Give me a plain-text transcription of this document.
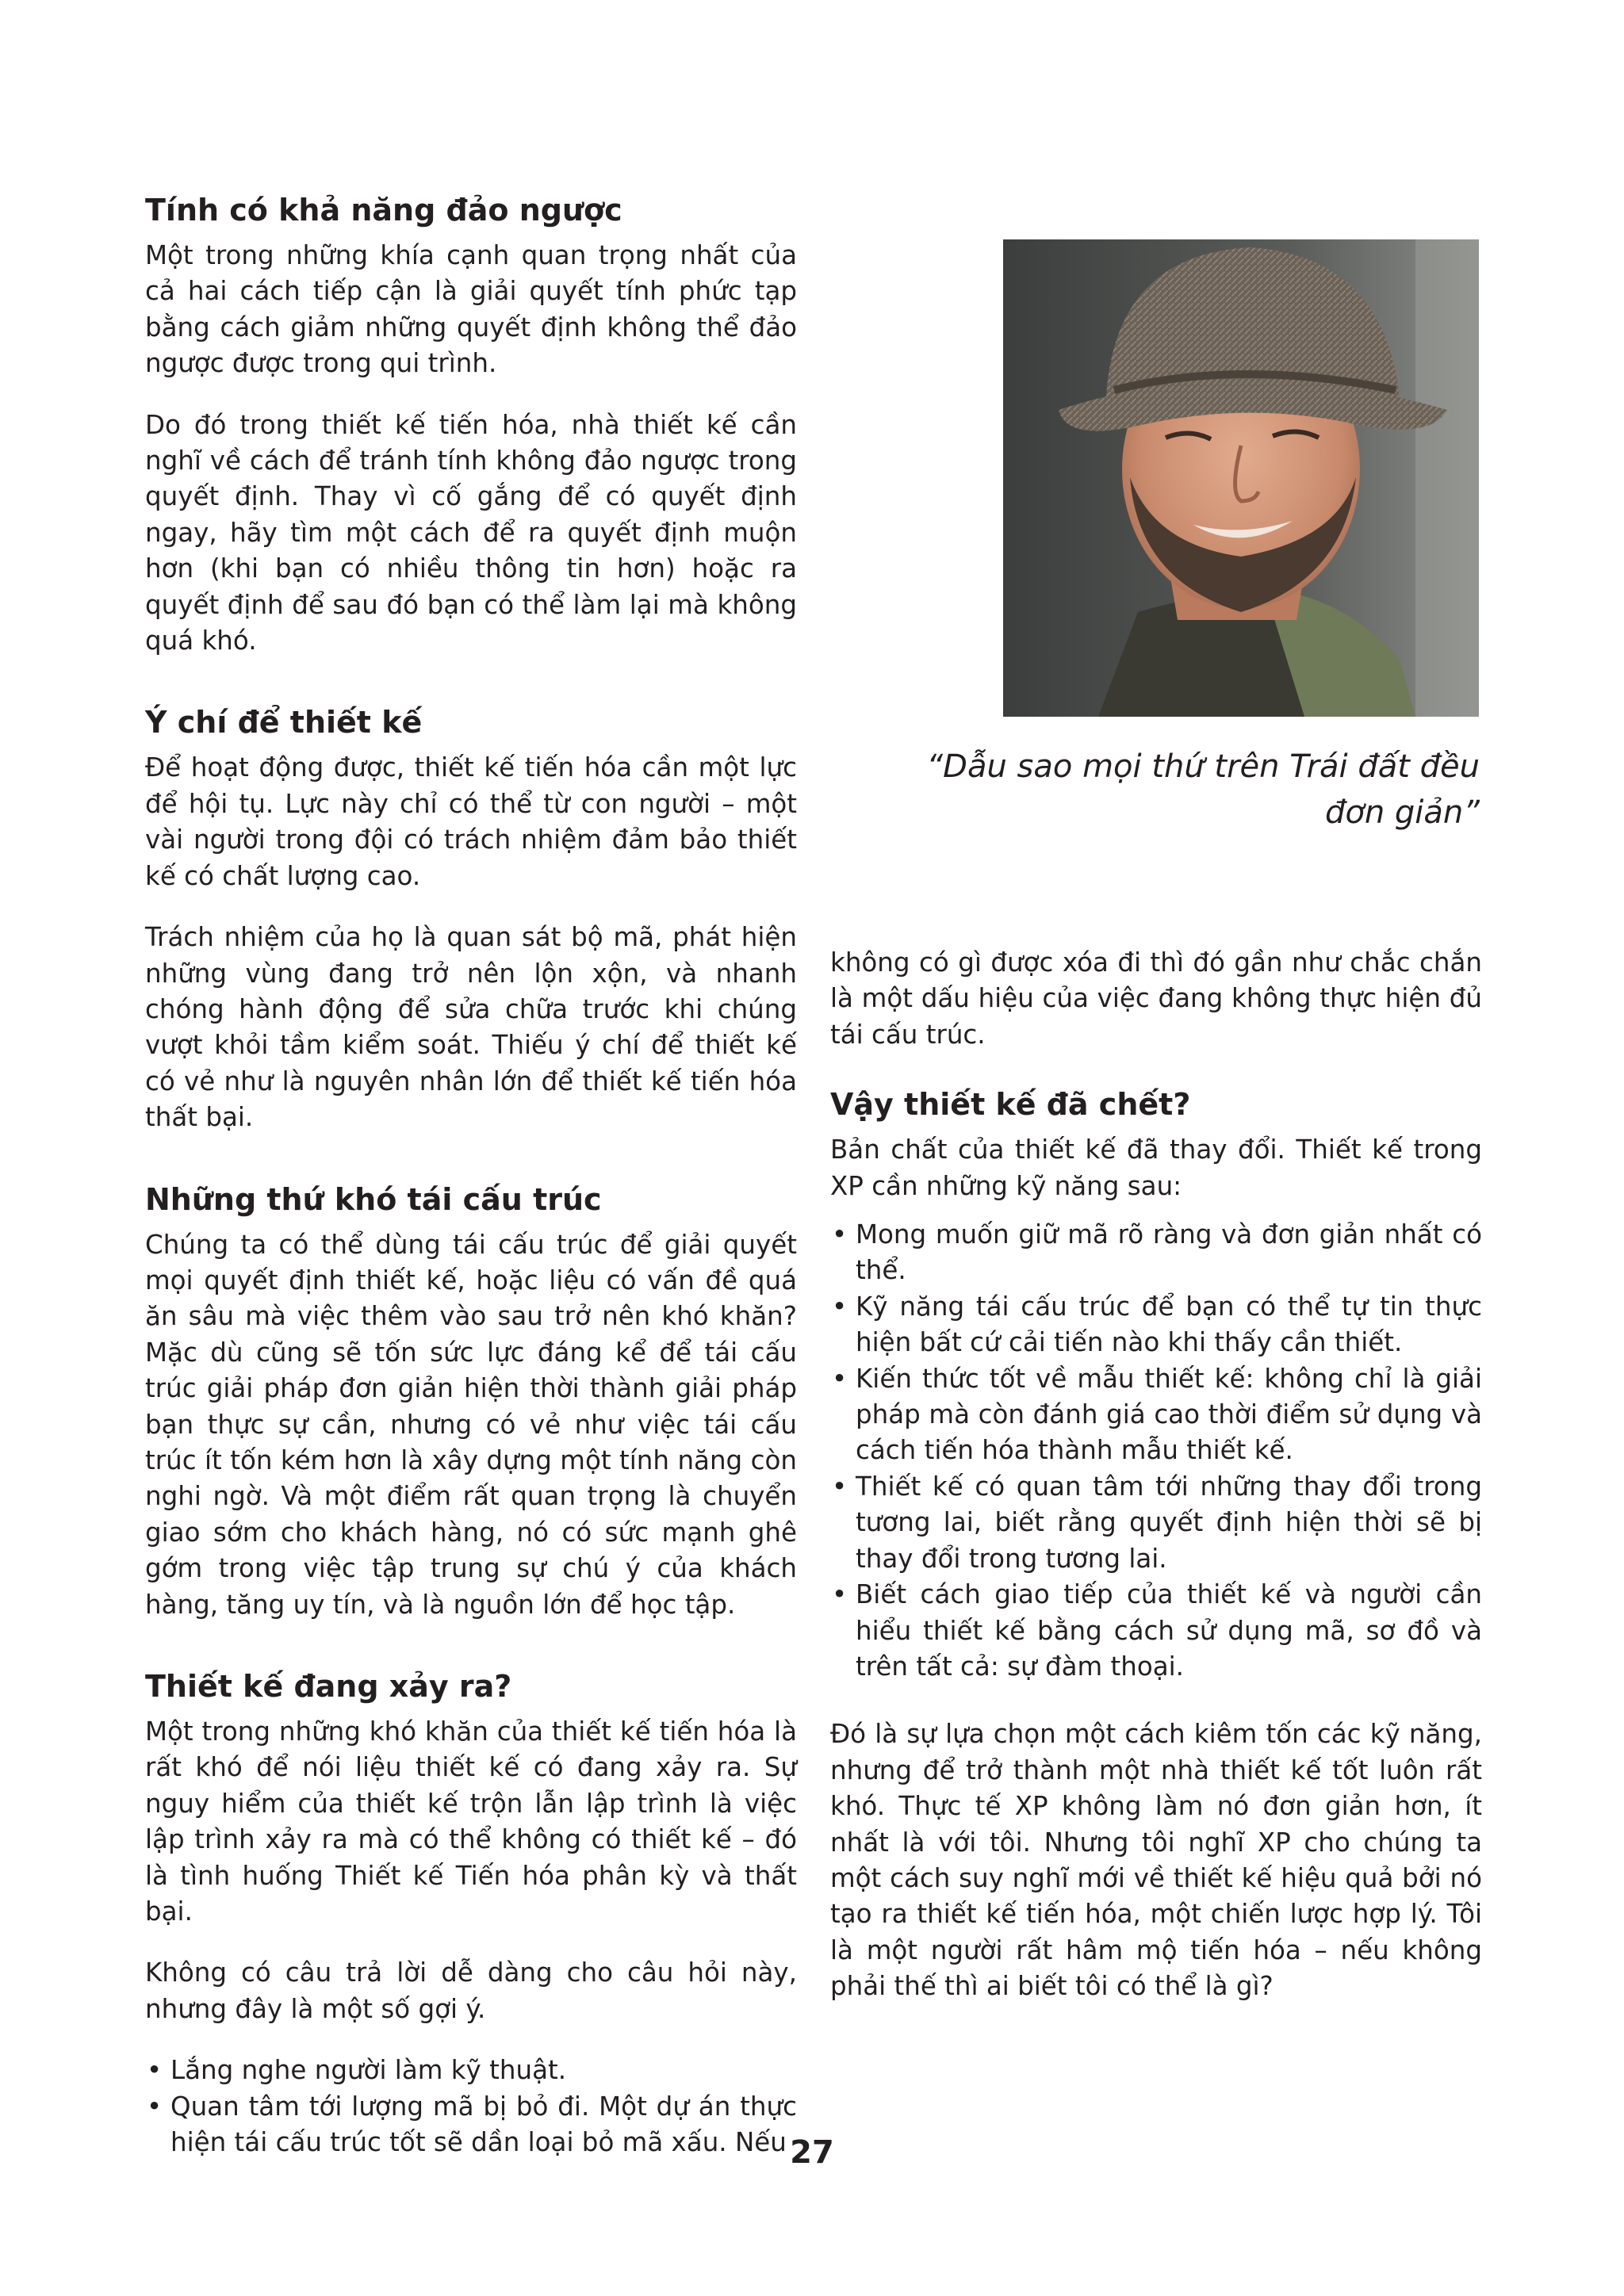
Tính có khả năng đảo ngược

Một trong những khía cạnh quan trọng nhất của cả hai cách tiếp cận là giải quyết tính phức tạp bằng cách giảm những quyết định không thể đảo ngược được trong qui trình.

Do đó trong thiết kế tiến hóa, nhà thiết kế cần nghĩ về cách để tránh tính không đảo ngược trong quyết định. Thay vì cố gắng để có quyết định ngay, hãy tìm một cách để ra quyết định muộn hơn (khi bạn có nhiều thông tin hơn) hoặc ra quyết định để sau đó bạn có thể làm lại mà không quá khó.

Ý chí để thiết kế

Để hoạt động được, thiết kế tiến hóa cần một lực để hội tụ. Lực này chỉ có thể từ con người – một vài người trong đội có trách nhiệm đảm bảo thiết kế có chất lượng cao.

Trách nhiệm của họ là quan sát bộ mã, phát hiện những vùng đang trở nên lộn xộn, và nhanh chóng hành động để sửa chữa trước khi chúng vượt khỏi tầm kiểm soát. Thiếu ý chí để thiết kế có vẻ như là nguyên nhân lớn để thiết kế tiến hóa thất bại.

Những thứ khó tái cấu trúc

Chúng ta có thể dùng tái cấu trúc để giải quyết mọi quyết định thiết kế, hoặc liệu có vấn đề quá ăn sâu mà việc thêm vào sau trở nên khó khăn? Mặc dù cũng sẽ tốn sức lực đáng kể để tái cấu trúc giải pháp đơn giản hiện thời thành giải pháp bạn thực sự cần, nhưng có vẻ như việc tái cấu trúc ít tốn kém hơn là xây dựng một tính năng còn nghi ngờ. Và một điểm rất quan trọng là chuyển giao sớm cho khách hàng, nó có sức mạnh ghê gớm trong việc tập trung sự chú ý của khách hàng, tăng uy tín, và là nguồn lớn để học tập.

Thiết kế đang xảy ra?

Một trong những khó khăn của thiết kế tiến hóa là rất khó để nói liệu thiết kế có đang xảy ra. Sự nguy hiểm của thiết kế trộn lẫn lập trình là việc lập trình xảy ra mà có thể không có thiết kế – đó là tình huống Thiết kế Tiến hóa phân kỳ và thất bại.

Không có câu trả lời dễ dàng cho câu hỏi này, nhưng đây là một số gợi ý.

• Lắng nghe người làm kỹ thuật.
• Quan tâm tới lượng mã bị bỏ đi. Một dự án thực hiện tái cấu trúc tốt sẽ dần loại bỏ mã xấu. Nếu
“Dẫu sao mọi thứ trên Trái đất đều đơn giản”

không có gì được xóa đi thì đó gần như chắc chắn là một dấu hiệu của việc đang không thực hiện đủ tái cấu trúc.

Vậy thiết kế đã chết?

Bản chất của thiết kế đã thay đổi. Thiết kế trong XP cần những kỹ năng sau:

• Mong muốn giữ mã rõ ràng và đơn giản nhất có thể.
• Kỹ năng tái cấu trúc để bạn có thể tự tin thực hiện bất cứ cải tiến nào khi thấy cần thiết.
• Kiến thức tốt về mẫu thiết kế: không chỉ là giải pháp mà còn đánh giá cao thời điểm sử dụng và cách tiến hóa thành mẫu thiết kế.
• Thiết kế có quan tâm tới những thay đổi trong tương lai, biết rằng quyết định hiện thời sẽ bị thay đổi trong tương lai.
• Biết cách giao tiếp của thiết kế và người cần hiểu thiết kế bằng cách sử dụng mã, sơ đồ và trên tất cả: sự đàm thoại.

Đó là sự lựa chọn một cách kiêm tốn các kỹ năng, nhưng để trở thành một nhà thiết kế tốt luôn rất khó. Thực tế XP không làm nó đơn giản hơn, ít nhất là với tôi. Nhưng tôi nghĩ XP cho chúng ta một cách suy nghĩ mới về thiết kế hiệu quả bởi nó tạo ra thiết kế tiến hóa, một chiến lược hợp lý. Tôi là một người rất hâm mộ tiến hóa – nếu không phải thế thì ai biết tôi có thể là gì?

27
